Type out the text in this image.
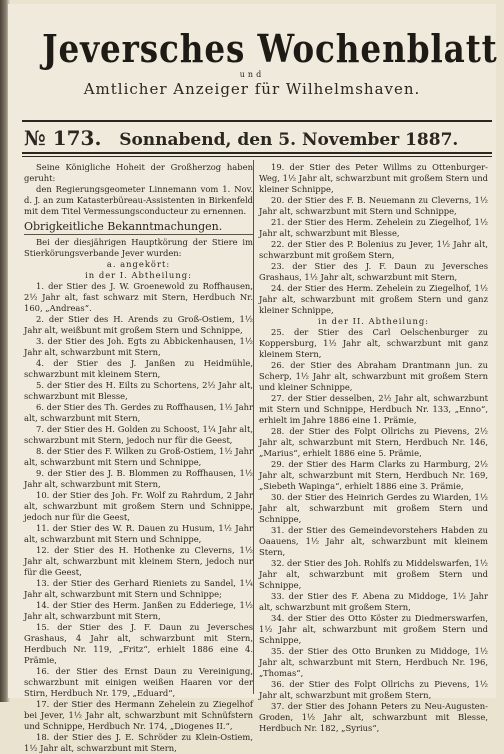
Jeversches Wochenblatt
und
Amtlicher Anzeiger für Wilhelmshaven.
№ 173. Sonnabend, den 5. November 1887.

Seine Königliche Hoheit der Großherzog haben geruht:

den Regierungsgeometer Linnemann vom 1. Nov. d. J. an zum Katasterbüreau-Assistenten in Birkenfeld mit dem Titel Vermessungsconducteur zu ernennen.

Obrigkeitliche Bekanntmachungen.

Bei der diesjährigen Hauptkörung der Stiere im Stierkörungsverbande Jever wurden:

a. angekört:

in der I. Abtheilung:

1. der Stier des J. W. Groenewold zu Roffhausen, 2½ Jahr alt, fast schwarz mit Stern, Herdbuch Nr. 160, „Andreas“.

2. der Stier des H. Arends zu Groß-Ostiem, 1½ Jahr alt, weißbunt mit großem Stern und Schnippe,

3. der Stier des Joh. Egts zu Abbickenhausen, 1½ Jahr alt, schwarzbunt mit Stern,

4. der Stier des J. Janßen zu Heidmühle, schwarzbunt mit kleinem Stern,

5. der Stier des H. Eilts zu Schortens, 2½ Jahr alt, schwarzbunt mit Blesse,

6. der Stier des Th. Gerdes zu Roffhausen, 1½ Jahr alt, schwarzbunt mit Stern,

7. der Stier des H. Golden zu Schoost, 1¼ Jahr alt, schwarzbunt mit Stern, jedoch nur für die Geest,

8. der Stier des F. Wilken zu Groß-Ostiem, 1½ Jahr alt, schwarzbunt mit Stern und Schnippe,

9. der Stier des J. B. Blommen zu Roffhausen, 1½ Jahr alt, schwarzbunt mit Stern,

10. der Stier des Joh. Fr. Wolf zu Rahrdum, 2 Jahr alt, schwarzbunt mit großem Stern und Schnippe, jedoch nur für die Geest,

11. der Stier des W. R. Dauen zu Husum, 1½ Jahr alt, schwarzbunt mit Stern und Schnippe,

12. der Stier des H. Hothenke zu Cleverns, 1½ Jahr alt, schwarzbunt mit kleinem Stern, jedoch nur für die Geest,

13. der Stier des Gerhard Rieniets zu Sandel, 1¼ Jahr alt, schwarzbunt mit Stern und Schnippe;

14. der Stier des Herm. Janßen zu Edderiege, 1½ Jahr alt, schwarzbunt mit Stern,

15. der Stier des J. F. Daun zu Jeversches Grashaus, 4 Jahr alt, schwarzbunt mit Stern, Herdbuch Nr. 119, „Fritz“, erhielt 1886 eine 4. Prämie,

16. der Stier des Ernst Daun zu Vereinigung, schwarzbunt mit einigen weißen Haaren vor der Stirn, Herdbuch Nr. 179, „Eduard“,

17. der Stier des Hermann Zehelein zu Ziegelhof bei Jever, 1½ Jahr alt, schwarzbunt mit Schnüfstern und Schnippe, Herdbuch Nr. 174, „Diogenes II.“,

18. der Stier des J. E. Schröder zu Klein-Ostiem, 1½ Jahr alt, schwarzbunt mit Stern,

19. der Stier des Peter Willms zu Ottenburger-Weg, 1½ Jahr alt, schwarzbunt mit großem Stern und kleiner Schnippe,

20. der Stier des F. B. Neuemann zu Cleverns, 1½ Jahr alt, schwarzbunt mit Stern und Schnippe,

21. der Stier des Herm. Zehelein zu Ziegelhof, 1½ Jahr alt, schwarzbunt mit Blesse,

22. der Stier des P. Bolenius zu Jever, 1½ Jahr alt, schwarzbunt mit großem Stern,

23. der Stier des J. F. Daun zu Jeversches Grashaus, 1½ Jahr alt, schwarzbunt mit Stern,

24. der Stier des Herm. Zehelein zu Ziegelhof, 1½ Jahr alt, schwarzbunt mit großem Stern und ganz kleiner Schnippe,

in der II. Abtheilung:

25. der Stier des Carl Oelschenburger zu Koppersburg, 1½ Jahr alt, schwarzbunt mit ganz kleinem Stern,

26. der Stier des Abraham Drantmann jun. zu Scherp, 1½ Jahr alt, schwarzbunt mit großem Stern und kleiner Schnippe,

27. der Stier desselben, 2½ Jahr alt, schwarzbunt mit Stern und Schnippe, Herdbuch Nr. 133, „Enno“, erhielt im Jahre 1886 eine 1. Prämie,

28. der Stier des Folpt Ollrichs zu Pievens, 2½ Jahr alt, schwarzbunt mit Stern, Herdbuch Nr. 146, „Marius“, erhielt 1886 eine 5. Prämie,

29. der Stier des Harm Clarks zu Harmburg, 2½ Jahr alt, schwarzbunt mit Stern, Herdbuch Nr. 169, „Siebeth Wapinga“, erhielt 1886 eine 3. Prämie,

30. der Stier des Heinrich Gerdes zu Wiarden, 1½ Jahr alt, schwarzbunt mit großem Stern und Schnippe,

31. der Stier des Gemeindevorstehers Habden zu Oaauens, 1½ Jahr alt, schwarzbunt mit kleinem Stern,

32. der Stier des Joh. Rohlfs zu Middelswarfen, 1½ Jahr alt, schwarzbunt mit großem Stern und Schnippe,

33. der Stier des F. Abena zu Middoge, 1½ Jahr alt, schwarzbunt mit großem Stern,

34. der Stier des Otto Köster zu Diedmerswarfen, 1½ Jahr alt, schwarzbunt mit großem Stern und Schnippe,

35. der Stier des Otto Brunken zu Middoge, 1½ Jahr alt, schwarzbunt mit Stern, Herdbuch Nr. 196, „Thomas“,

36. der Stier des Folpt Ollrichs zu Pievens, 1½ Jahr alt, schwarzbunt mit großem Stern,

37. der Stier des Johann Peters zu Neu-Augusten-Groden, 1½ Jahr alt, schwarzbunt mit Blesse, Herdbuch Nr. 182, „Syrius“,
